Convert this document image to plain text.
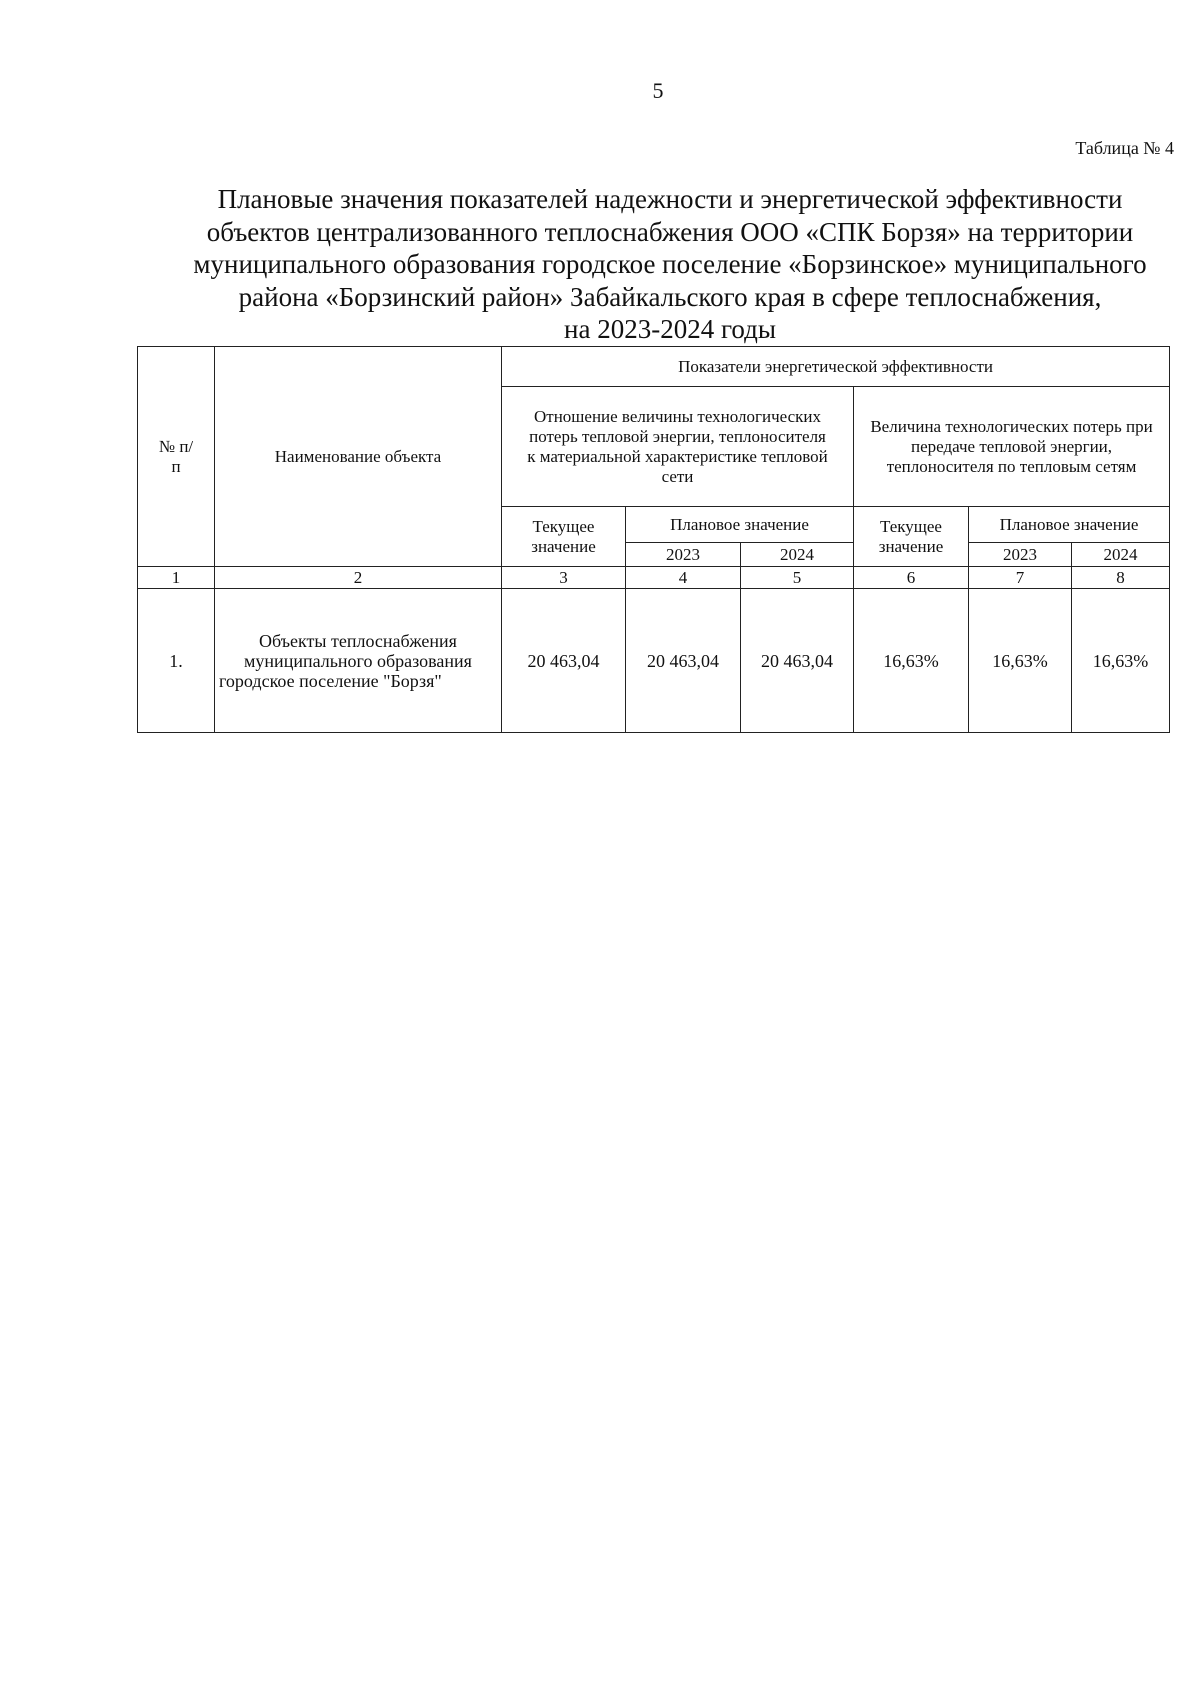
5
Таблица № 4
Плановые значения показателей надежности и энергетической эффективности
объектов централизованного теплоснабжения ООО «СПК Борзя» на территории
муниципального образования городское поселение «Борзинское» муниципального
района «Борзинский район» Забайкальского края в сфере теплоснабжения,
на 2023-2024 годы
№ п/п	Наименование объекта	Показатели энергетической эффективности					
		Отношение величины технологических потерь тепловой энергии, теплоносителя к материальной характеристике тепловой сети			Величина технологических потерь при передаче тепловой энергии, теплоносителя по тепловым сетям		
		Текущее значение	Плановое значение		Текущее значение	Плановое значение	
			2023	2024		2023	2024
1	2	3	4	5	6	7	8
1.	Объекты теплоснабжения муниципального образования городское поселение "Борзя"	20 463,04	20 463,04	20 463,04	16,63%	16,63%	16,63%
